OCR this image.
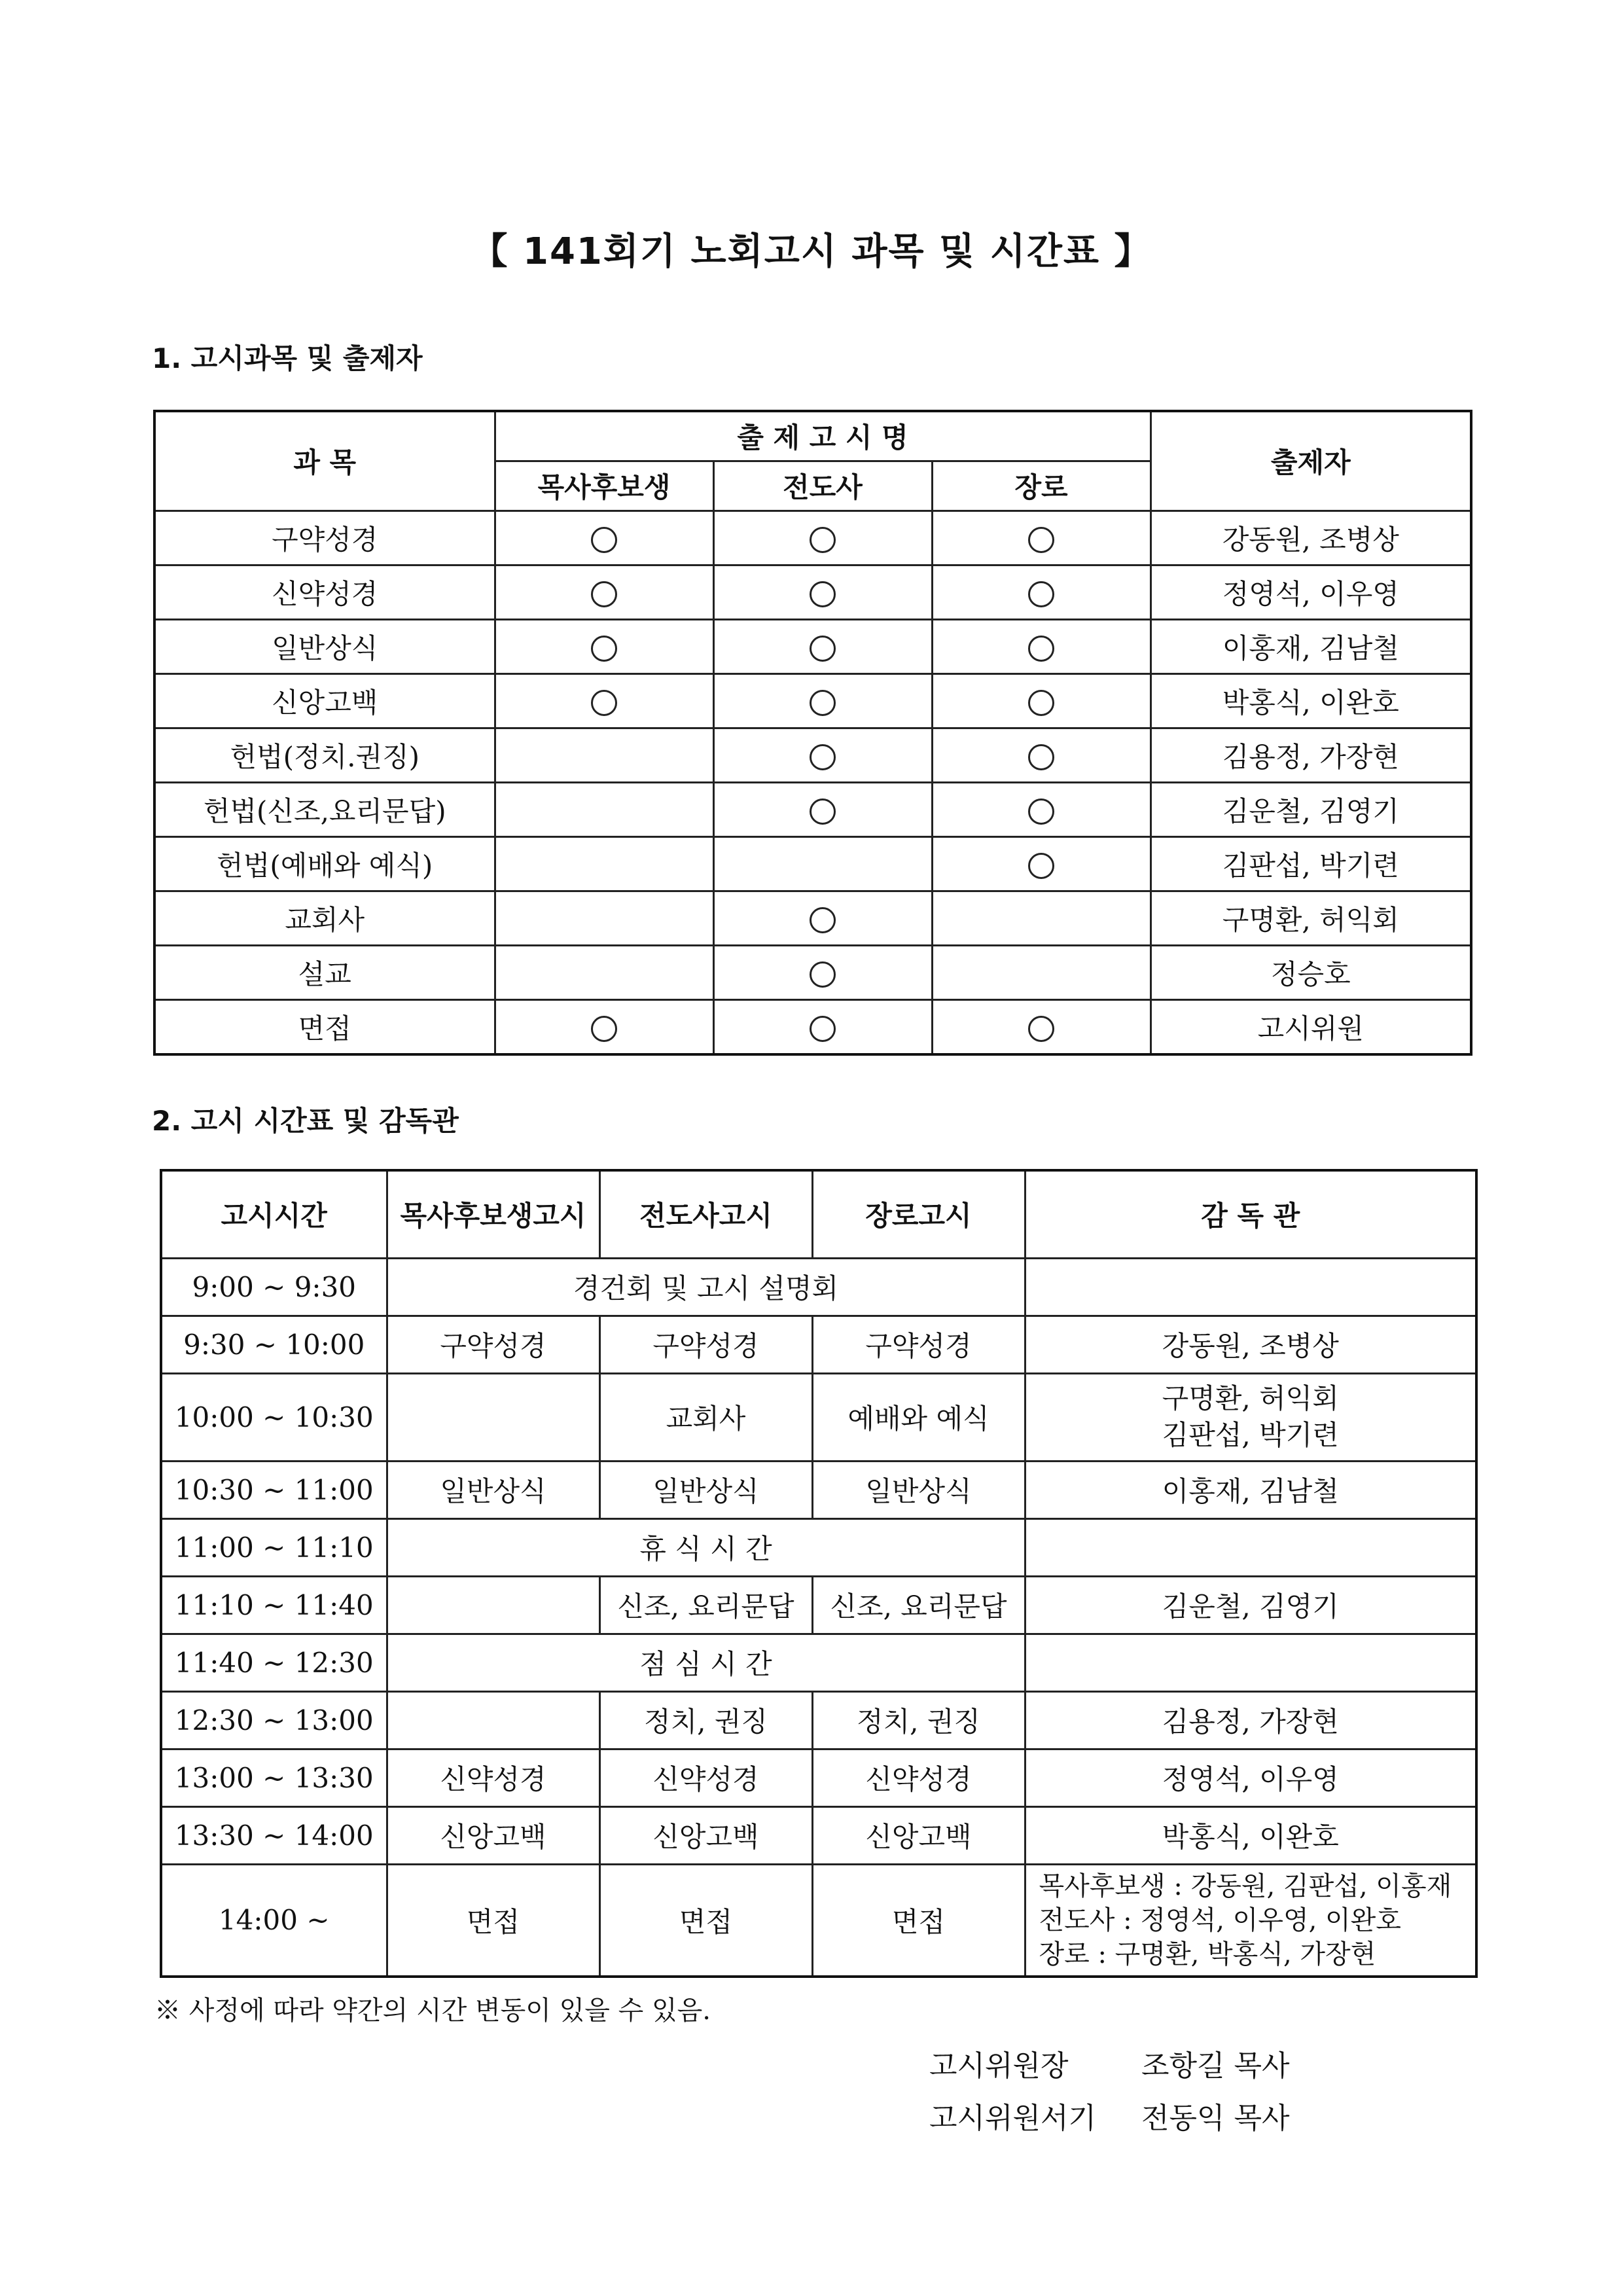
【 141회기 노회고시 과목 및 시간표 】
1. 고시과목 및 출제자
과 목	출 제 고 시 명			출제자
	목사후보생	전도사	장로	
구약성경				강동원, 조병상
신약성경				정영석, 이우영
일반상식				이홍재, 김남철
신앙고백				박홍식, 이완호
헌법(정치.권징)				김용정, 가장현
헌법(신조,요리문답)				김운철, 김영기
헌법(예배와 예식)				김판섭, 박기련
교회사				구명환, 허익회
설교				정승호
면접				고시위원
2. 고시 시간표 및 감독관
고시시간	목사후보생고시	전도사고시	장로고시	감 독 관
9:00 ~ 9:30	경건회 및 고시 설명회			
9:30 ~ 10:00	구약성경	구약성경	구약성경	강동원, 조병상
10:00 ~ 10:30		교회사	예배와 예식	구명환, 허익회
김판섭, 박기련

10:30 ~ 11:00	일반상식	일반상식	일반상식	이홍재, 김남철
11:00 ~ 11:10	휴 식 시 간			
11:10 ~ 11:40		신조, 요리문답	신조, 요리문답	김운철, 김영기
11:40 ~ 12:30	점 심 시 간			
12:30 ~ 13:00		정치, 권징	정치, 권징	김용정, 가장현
13:00 ~ 13:30	신약성경	신약성경	신약성경	정영석, 이우영
13:30 ~ 14:00	신앙고백	신앙고백	신앙고백	박홍식, 이완호
14:00 ~	면접	면접	면접	목사후보생 : 강동원, 김판섭, 이홍재
전도사 : 정영석, 이우영, 이완호
장로 : 구명환, 박홍식, 가장현
※ 사정에 따라 약간의 시간 변동이 있을 수 있음.
고시위원장	조항길 목사
고시위원서기 전동익 목사
